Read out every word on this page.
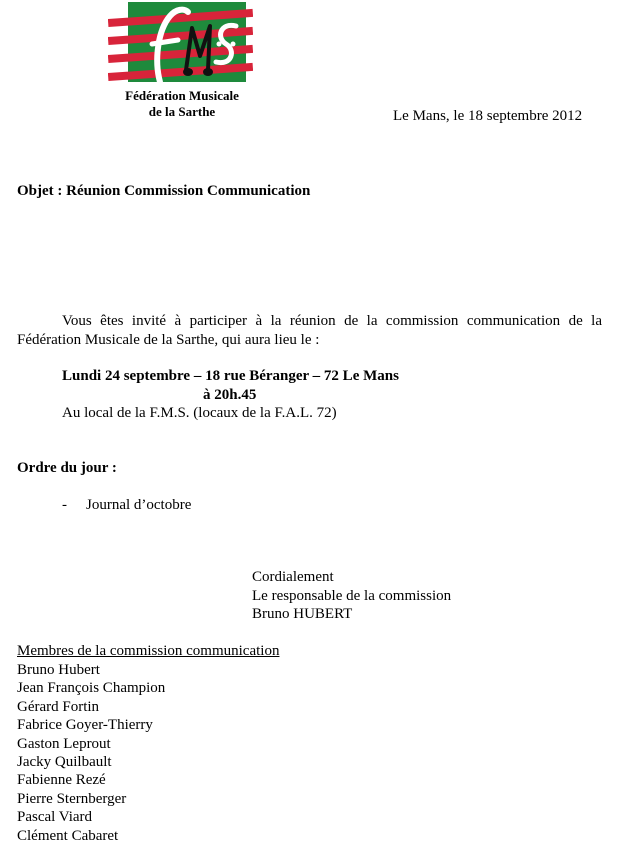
Fédération Musicale
de la Sarthe	Le Mans, le 18 septembre 2012
Objet : Réunion Commission Communication

Vous êtes invité à participer à la réunion de la commission communication de la Fédération Musicale de la Sarthe, qui aura lieu le :

Lundi 24 septembre – 18 rue Béranger – 72 Le Mans
à 20h.45
Au local de la F.M.S. (locaux de la F.A.L. 72)
Ordre du jour :
- Journal d’octobre
Cordialement
Le responsable de la commission
Bruno HUBERT
Membres de la commission communication
Bruno Hubert
Jean François Champion
Gérard Fortin
Fabrice Goyer-Thierry
Gaston Leprout
Jacky Quilbault
Fabienne Rezé
Pierre Sternberger
Pascal Viard
Clément Cabaret
